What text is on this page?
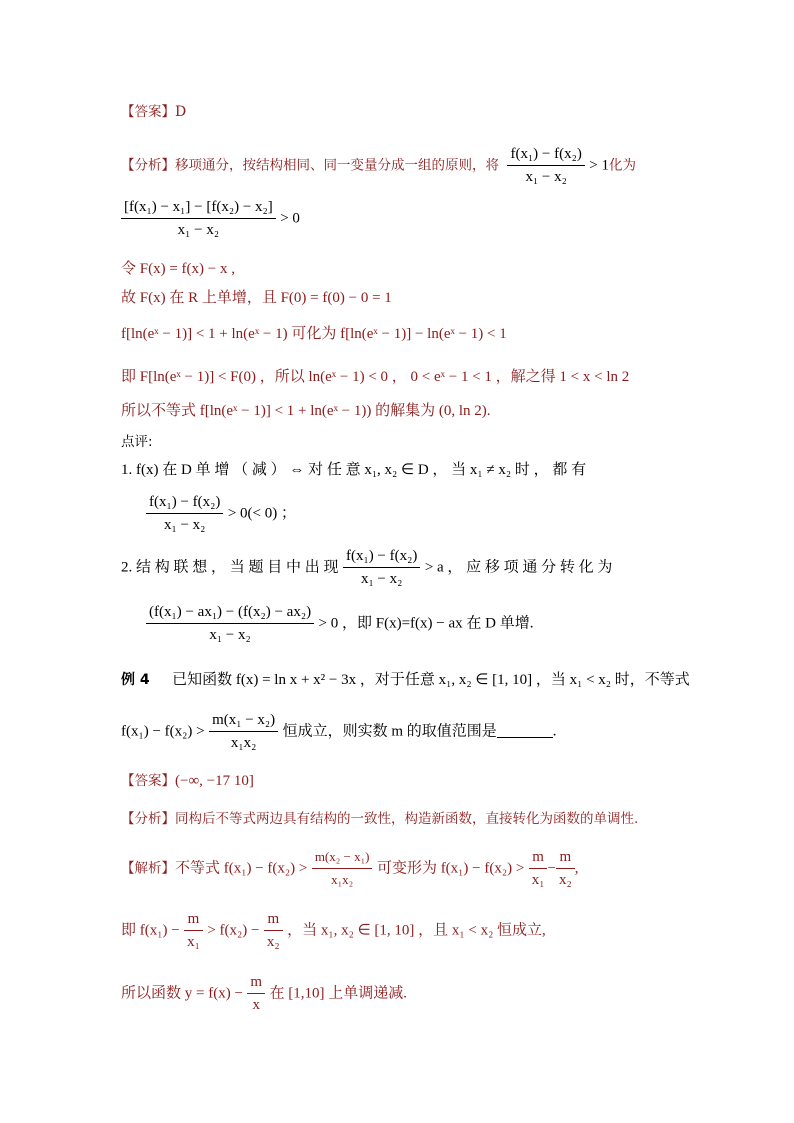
【答案】D
【分析】移项通分，按结构相同、同一变量分成一组的原则，将 $\frac{\text{f(x₁) − f(x₂)}}{\text{x₁ − x₂}} > 1$化为
$\frac{\text{[f(x₁) − x₁] − [f(x₂) − x₂]}}{\text{x₁ − x₂}} > 0$
令 F(x) = f(x) − x ,
故 F(x) 在 R 上单增，且 F(0) = f(0) − 0 = 1
f[ln(eˣ − 1)] < 1 + ln(eˣ − 1) 可化为 f[ln(eˣ − 1)] − ln(eˣ − 1) < 1
即 F[ln(eˣ − 1)] < F(0) ，所以 ln(eˣ − 1) < 0 ， 0 < eˣ − 1 < 1 ，解之得 1 < x < ln 2
所以不等式 f[ln(eˣ − 1)] < 1 + ln(eˣ − 1)) 的解集为 (0, ln 2).
点评:
1. f(x) 在 D 单 增 （ 减 ） ⇔ 对 任 意 x₁, x₂ ∈ D ， 当 x₁ ≠ x₂ 时 ， 都 有
$\frac{\text{f(x₁) − f(x₂)}}{\text{x₁ − x₂}} > 0(< 0)$ ；
2. 结 构 联 想 ， 当 题 目 中 出 现 $\frac{\text{f(x₁) − f(x₂)}}{\text{x₁ − x₂}} > a$ ， 应 移 项 通 分 转 化 为
$\frac{\text{(f(x₁) − ax₁) − (f(x₂) − ax₂)}}{\text{x₁ − x₂}} > 0$ ，即 F(x)=f(x) − ax 在 D 单增.
例 4 已知函数 f(x) = ln x + x² − 3x ，对于任意 x₁, x₂ ∈ [1, 10] ，当 x₁ < x₂ 时，不等式
$f(x_1) - f(x_2) > \frac{\text{m(x₁ − x₂)}}{\text{x₁x₂}}$ 恒成立，则实数 m 的取值范围是	.
【答案】(−∞, −17 10]
【分析】同构后不等式两边具有结构的一致性，构造新函数，直接转化为函数的单调性.
【解析】不等式 $f(x_1) - f(x_2) > \frac{\text{m(x₂ − x₁)}}{\text{x₁x₂}}$ 可变形为 $f(x_1) - f(x_2) > \frac{m}{\text{x₁}} - \frac{m}{\text{x₂}}$ ,
即 $f(x_1) - \frac{m}{\text{x₁}} > f(x_2) - \frac{m}{\text{x₂}}$ ，当 x₁, x₂ ∈ [1, 10] ，且 x₁ < x₂ 恒成立,
所以函数 $y = f(x) - \frac{m}{x}$ 在 [1,10] 上单调递减.
